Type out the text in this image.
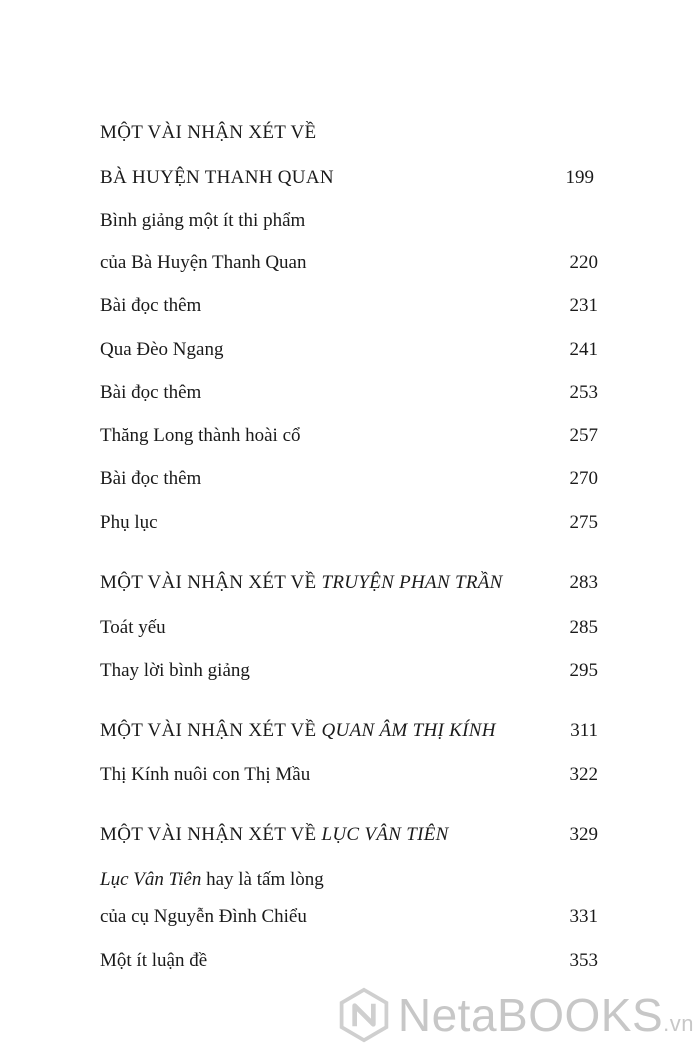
MỘT VÀI NHẬN XÉT VỀ
BÀ HUYỆN THANH QUAN	199
Bình giảng một ít thi phẩm
của Bà Huyện Thanh Quan	220
Bài đọc thêm	231
Qua Đèo Ngang	241
Bài đọc thêm	253
Thăng Long thành hoài cổ	257
Bài đọc thêm	270
Phụ lục	275
MỘT VÀI NHẬN XÉT VỀ TRUYỆN PHAN TRẦN	283
Toát yếu	285
Thay lời bình giảng	295
MỘT VÀI NHẬN XÉT VỀ QUAN ÂM THỊ KÍNH	311
Thị Kính nuôi con Thị Mầu	322
MỘT VÀI NHẬN XÉT VỀ LỤC VÂN TIÊN	329
Lục Vân Tiên hay là tấm lòng
của cụ Nguyễn Đình Chiểu	331
Một ít luận đề	353
NetaBOOKS.vn
